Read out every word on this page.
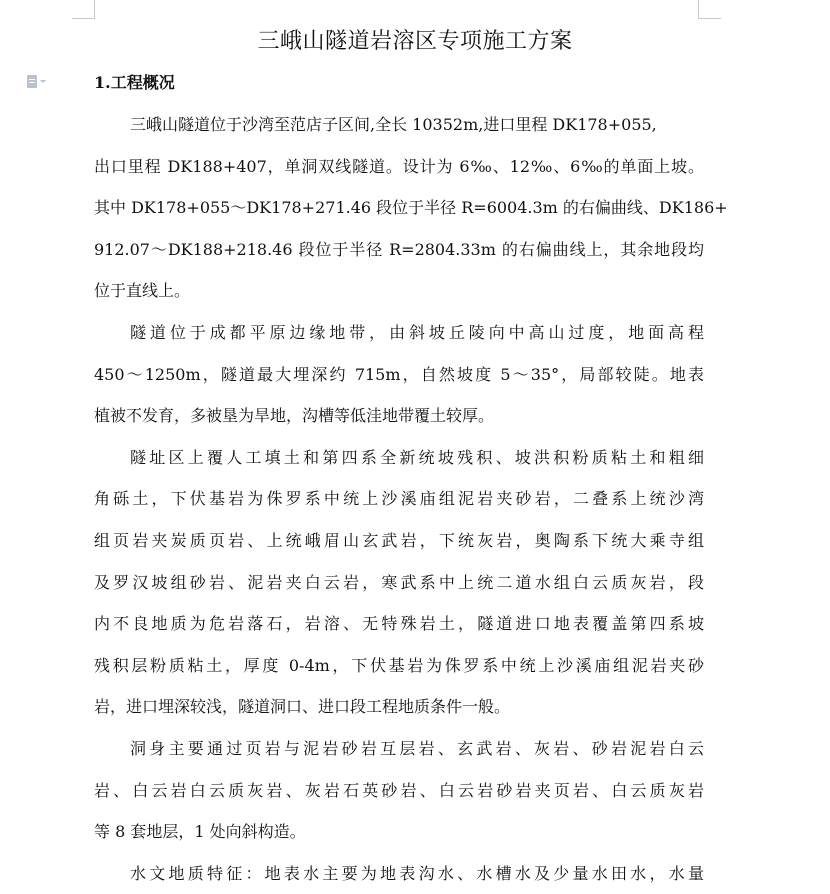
三峨山隧道岩溶区专项施工方案
1.工程概况
三峨山隧道位于沙湾至范店子区间,全长 10352m,进口里程 DK178+055,
出口里程 DK188+407，单洞双线隧道。设计为 6‰、12‰、6‰的单面上坡。
其中 DK178+055～DK178+271.46 段位于半径 R=6004.3m 的右偏曲线、DK186+
912.07～DK188+218.46 段位于半径 R=2804.33m 的右偏曲线上，其余地段均
位于直线上。
隧道位于成都平原边缘地带，由斜坡丘陵向中高山过度，地面高程
450～1250m，隧道最大埋深约 715m，自然坡度 5～35°，局部较陡。地表
植被不发育，多被垦为旱地，沟槽等低洼地带覆土较厚。
隧址区上覆人工填土和第四系全新统坡残积、坡洪积粉质粘土和粗细
角砾土，下伏基岩为侏罗系中统上沙溪庙组泥岩夹砂岩，二叠系上统沙湾
组页岩夹炭质页岩、上统峨眉山玄武岩，下统灰岩，奥陶系下统大乘寺组
及罗汉坡组砂岩、泥岩夹白云岩，寒武系中上统二道水组白云质灰岩，段
内不良地质为危岩落石，岩溶、无特殊岩土，隧道进口地表覆盖第四系坡
残积层粉质粘土，厚度 0-4m，下伏基岩为侏罗系中统上沙溪庙组泥岩夹砂
岩，进口埋深较浅，隧道洞口、进口段工程地质条件一般。
洞身主要通过页岩与泥岩砂岩互层岩、玄武岩、灰岩、砂岩泥岩白云
岩、白云岩白云质灰岩、灰岩石英砂岩、白云岩砂岩夹页岩、白云质灰岩
等 8 套地层，1 处向斜构造。
水文地质特征：地表水主要为地表沟水、水槽水及少量水田水，水量
